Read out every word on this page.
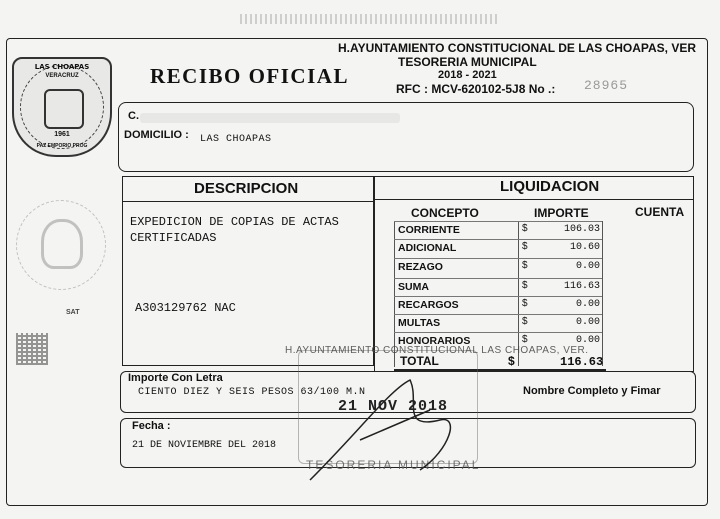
LAS CHOAPAS
VERACRUZ
1961
PAZ EMPORIO PROG
SAT
H.AYUNTAMIENTO CONSTITUCIONAL DE LAS CHOAPAS, VER
TESORERIA MUNICIPAL
2018 - 2021
RFC : MCV-620102-5J8 No .: 28965
RECIBO OFICIAL
C.
DOMICILIO : LAS CHOAPAS
DESCRIPCION
EXPEDICION DE COPIAS DE ACTAS CERTIFICADAS
A303129762 NAC
LIQUIDACION
CONCEPTO	IMPORTE	CUENTA
CORRIENTE	$	106.03
ADICIONAL	$	10.60
REZAGO	$	0.00
SUMA	$	116.63
RECARGOS	$	0.00
MULTAS	$	0.00
HONORARIOS	$	0.00
TOTAL	$	116.63
Importe Con Letra
CIENTO DIEZ Y SEIS PESOS 63/100 M.N	Nombre Completo y Fimar
Fecha :
21 DE NOVIEMBRE DEL 2018
H.AYUNTAMIENTO CONSTITUCIONAL LAS CHOAPAS, VER.
21 NOV 2018
TESORERIA MUNICIPAL
